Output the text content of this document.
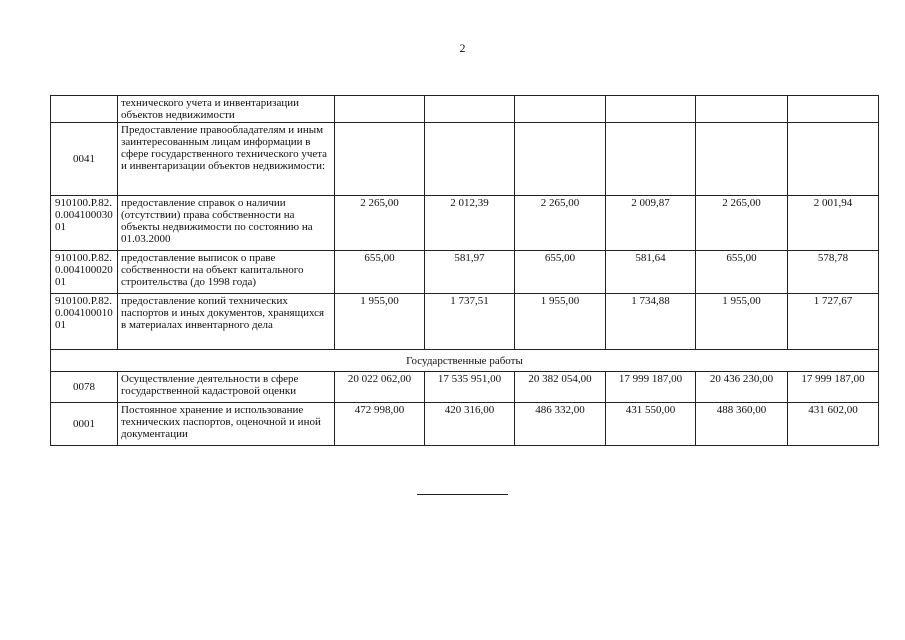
2
	технического учета и инвентаризации объектов недвижимости						
0041	Предоставление правообладателям и иным заинтересованным лицам информации в сфере государственного технического учета и инвентаризации объектов недвижимости:						
910100.Р.82.0.00410003001	предоставление справок о наличии (отсутствии) права собственности на объекты недвижимости по состоянию на 01.03.2000	2 265,00	2 012,39	2 265,00	2 009,87	2 265,00	2 001,94
910100.Р.82.0.00410002001	предоставление выписок о праве собственности на объект капитального строительства (до 1998 года)	655,00	581,97	655,00	581,64	655,00	578,78
910100.Р.82.0.00410001001	предоставление копий технических паспортов и иных документов, хранящихся в материалах инвентарного дела	1 955,00	1 737,51	1 955,00	1 734,88	1 955,00	1 727,67
Государственные работы							
0078	Осуществление деятельности в сфере государственной кадастровой оценки	20 022 062,00	17 535 951,00	20 382 054,00	17 999 187,00	20 436 230,00	17 999 187,00
0001	Постоянное хранение и использование технических паспортов, оценочной и иной документации	472 998,00	420 316,00	486 332,00	431 550,00	488 360,00	431 602,00
